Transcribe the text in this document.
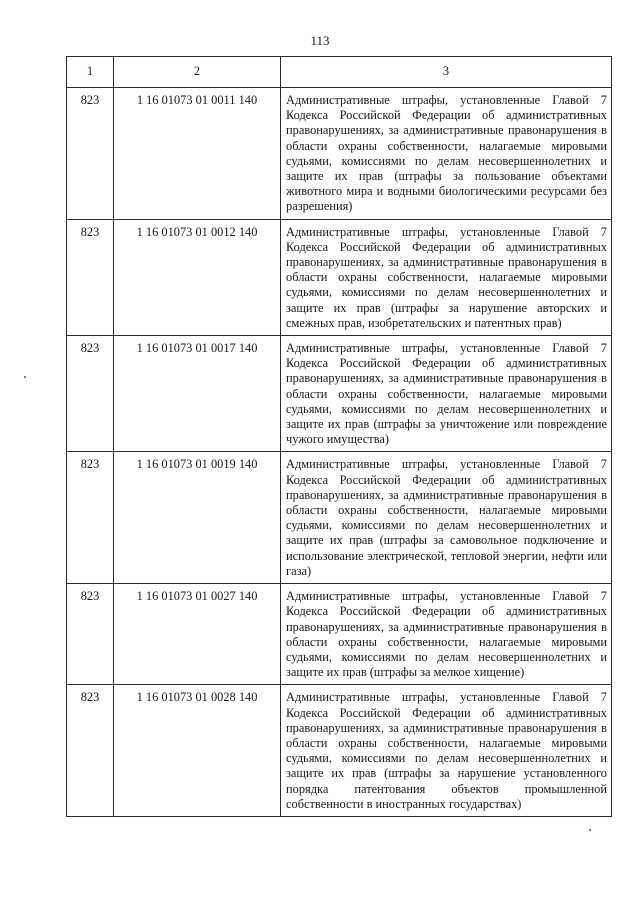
113
1	2	3
823	1 16 01073 01 0011 140	Административные штрафы, установленные Главой 7 Кодекса Российской Федерации об административных правонарушениях, за административные правонарушения в области охраны собственности, налагаемые мировыми судьями, комиссиями по делам несовершеннолетних и защите их прав (штрафы за пользование объектами животного мира и водными биологическими ресурсами без разрешения)
823	1 16 01073 01 0012 140	Административные штрафы, установленные Главой 7 Кодекса Российской Федерации об административных правонарушениях, за административные правонарушения в области охраны собственности, налагаемые мировыми судьями, комиссиями по делам несовершеннолетних и защите их прав (штрафы за нарушение авторских и смежных прав, изобретательских и патентных прав)
823	1 16 01073 01 0017 140	Административные штрафы, установленные Главой 7 Кодекса Российской Федерации об административных правонарушениях, за административные правонарушения в области охраны собственности, налагаемые мировыми судьями, комиссиями по делам несовершеннолетних и защите их прав (штрафы за уничтожение или повреждение чужого имущества)
823	1 16 01073 01 0019 140	Административные штрафы, установленные Главой 7 Кодекса Российской Федерации об административных правонарушениях, за административные правонарушения в области охраны собственности, налагаемые мировыми судьями, комиссиями по делам несовершеннолетних и защите их прав (штрафы за самовольное подключение и использование электрической, тепловой энергии, нефти или газа)
823	1 16 01073 01 0027 140	Административные штрафы, установленные Главой 7 Кодекса Российской Федерации об административных правонарушениях, за административные правонарушения в области охраны собственности, налагаемые мировыми судьями, комиссиями по делам несовершеннолетних и защите их прав (штрафы за мелкое хищение)
823	1 16 01073 01 0028 140	Административные штрафы, установленные Главой 7 Кодекса Российской Федерации об административных правонарушениях, за административные правонарушения в области охраны собственности, налагаемые мировыми судьями, комиссиями по делам несовершеннолетних и защите их прав (штрафы за нарушение установленного порядка патентования объектов промышленной собственности в иностранных государствах)
